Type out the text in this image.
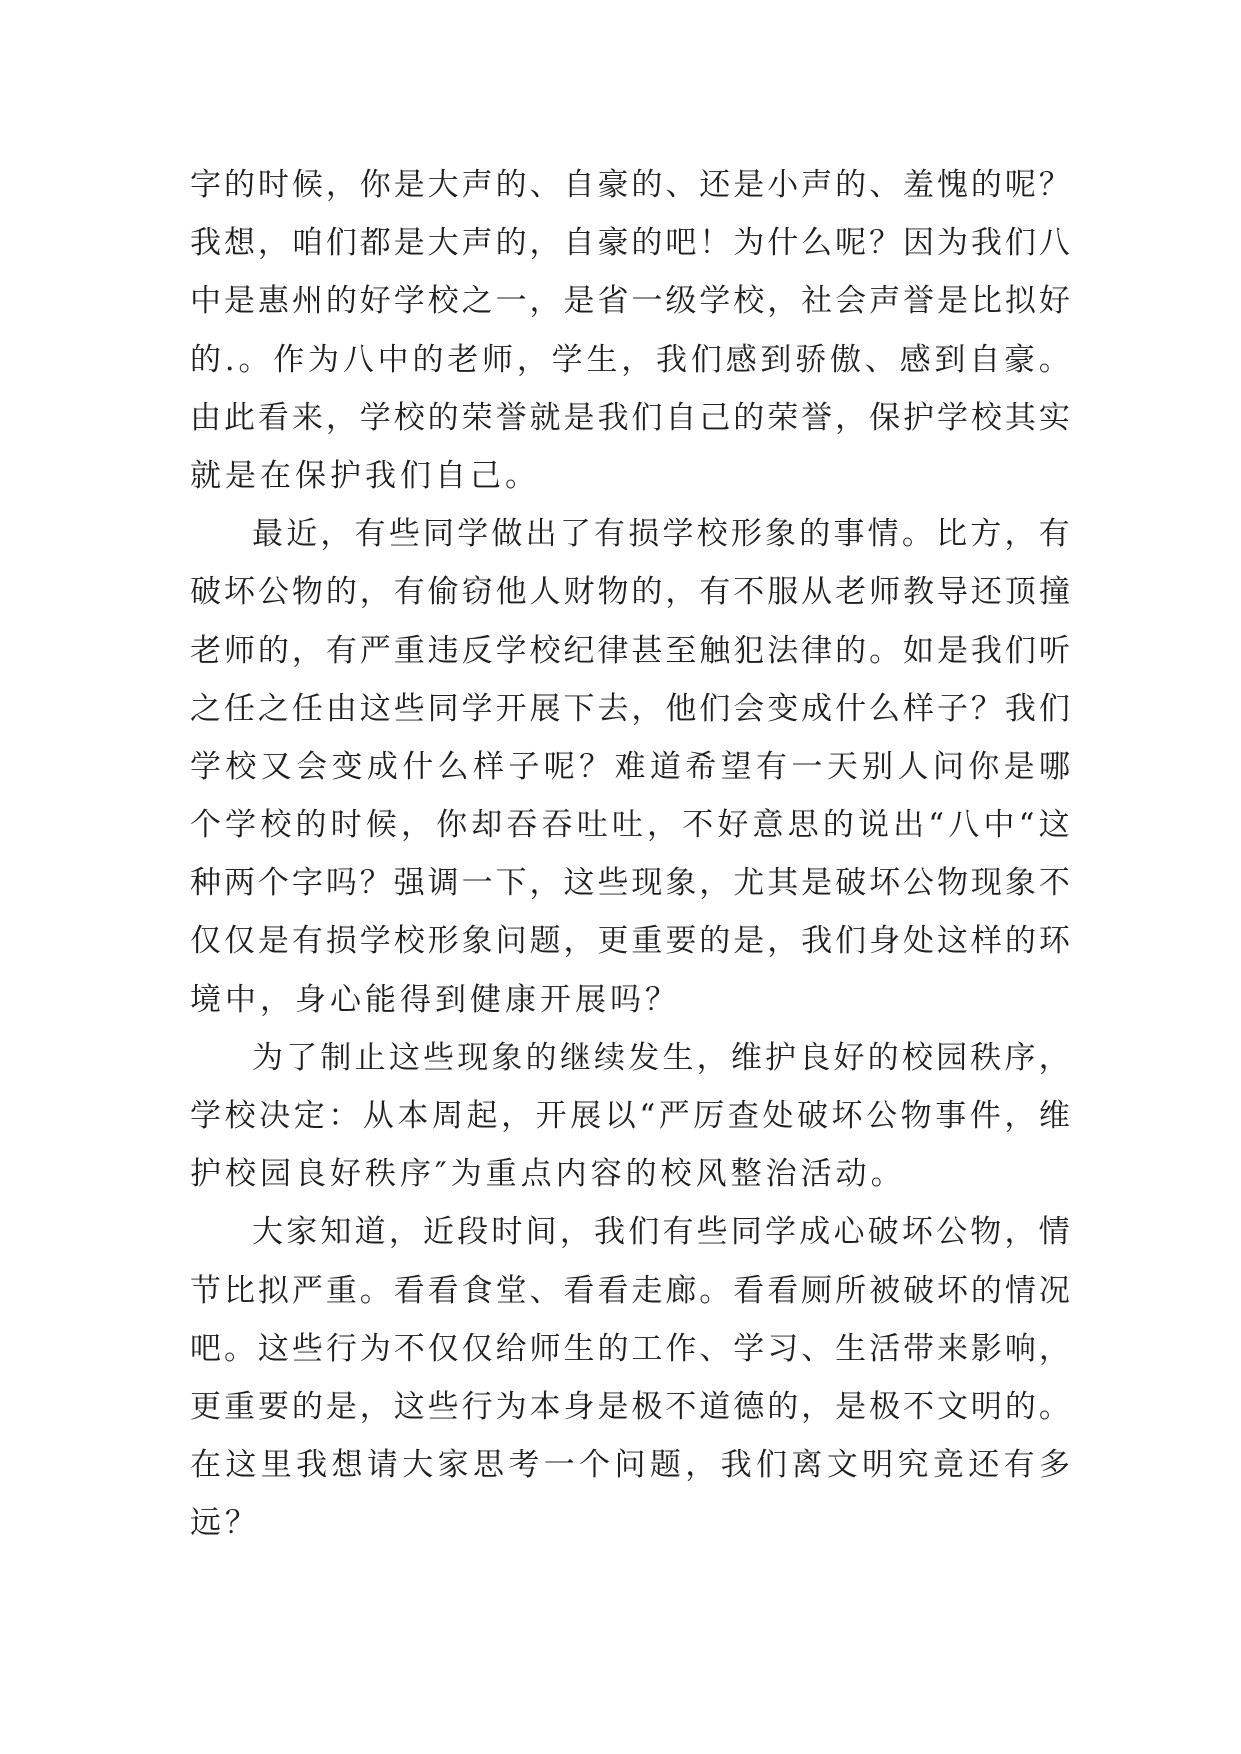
字 的 时 候 ， 你 是 大 声 的 、 自 豪 的 、 还 是 小 声 的 、 羞 愧 的 呢 ？
我 想 ， 咱 们 都 是 大 声 的 ， 自 豪 的 吧 ！ 为 什 么 呢 ？ 因 为 我 们 八
中 是 惠 州 的 好 学 校 之 一 ， 是 省 一 级 学 校 ， 社 会 声 誉 是 比 拟 好
的 . 。 作 为 八 中 的 老 师 ， 学 生 ， 我 们 感 到 骄 傲 、 感 到 自 豪 。
由 此 看 来 ， 学 校 的 荣 誉 就 是 我 们 自 己 的 荣 誉 ， 保 护 学 校 其 实
就 是 在 保 护 我 们 自 己 。
最 近 ， 有 些 同 学 做 出 了 有 损 学 校 形 象 的 事 情 。 比 方 ， 有
破 坏 公 物 的 ， 有 偷 窃 他 人 财 物 的 ， 有 不 服 从 老 师 教 导 还 顶 撞
老 师 的 ， 有 严 重 违 反 学 校 纪 律 甚 至 触 犯 法 律 的 。 如 是 我 们 听
之 任 之 任 由 这 些 同 学 开 展 下 去 ， 他 们 会 变 成 什 么 样 子 ？ 我 们
学 校 又 会 变 成 什 么 样 子 呢 ？ 难 道 希 望 有 一 天 别 人 问 你 是 哪
个 学 校 的 时 候 ， 你 却 吞 吞 吐 吐 ， 不 好 意 思 的 说 出 “ 八 中 “ 这
种 两 个 字 吗 ？ 强 调 一 下 ， 这 些 现 象 ， 尤 其 是 破 坏 公 物 现 象 不
仅 仅 是 有 损 学 校 形 象 问 题 ， 更 重 要 的 是 ， 我 们 身 处 这 样 的 环
境 中 ， 身 心 能 得 到 健 康 开 展 吗 ？
为 了 制 止 这 些 现 象 的 继 续 发 生 ， 维 护 良 好 的 校 园 秩 序 ，
学 校 决 定 ： 从 本 周 起 ， 开 展 以 “ 严 厉 查 处 破 坏 公 物 事 件 ， 维
护 校 园 良 好 秩 序 ″ 为 重 点 内 容 的 校 风 整 治 活 动 。
大 家 知 道 ， 近 段 时 间 ， 我 们 有 些 同 学 成 心 破 坏 公 物 ， 情
节 比 拟 严 重 。 看 看 食 堂 、 看 看 走 廊 。 看 看 厕 所 被 破 坏 的 情 况
吧 。 这 些 行 为 不 仅 仅 给 师 生 的 工 作 、 学 习 、 生 活 带 来 影 响 ，
更 重 要 的 是 ， 这 些 行 为 本 身 是 极 不 道 德 的 ， 是 极 不 文 明 的 。
在 这 里 我 想 请 大 家 思 考 一 个 问 题 ， 我 们 离 文 明 究 竟 还 有 多
远 ？
